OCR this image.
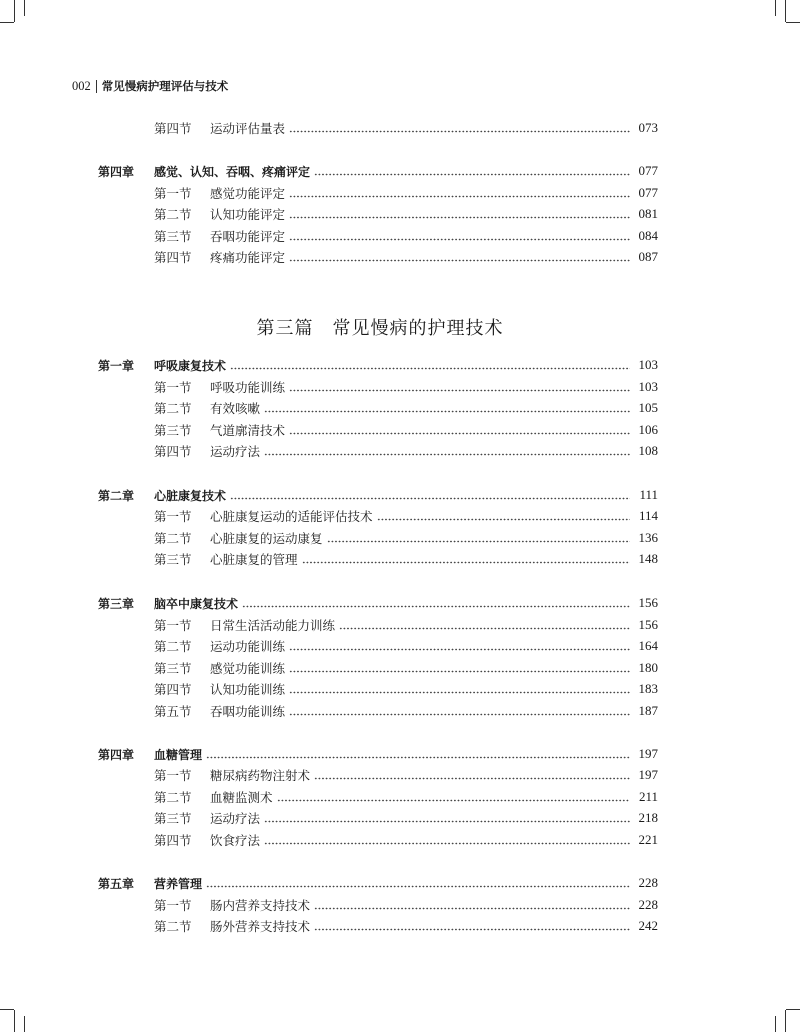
002 常见慢病护理评估与技术
第四节	运动评估量表	073
第四章	感觉、认知、吞咽、疼痛评定	077
第一节	感觉功能评定	077
第二节	认知功能评定	081
第三节	吞咽功能评定	084
第四节	疼痛功能评定	087
第三篇　常见慢病的护理技术
第一章	呼吸康复技术	103
第一节	呼吸功能训练	103
第二节	有效咳嗽	105
第三节	气道廓清技术	106
第四节	运动疗法	108
第二章	心脏康复技术	111
第一节	心脏康复运动的适能评估技术	114
第二节	心脏康复的运动康复	136
第三节	心脏康复的管理	148
第三章	脑卒中康复技术	156
第一节	日常生活活动能力训练	156
第二节	运动功能训练	164
第三节	感觉功能训练	180
第四节	认知功能训练	183
第五节	吞咽功能训练	187
第四章	血糖管理	197
第一节	糖尿病药物注射术	197
第二节	血糖监测术	211
第三节	运动疗法	218
第四节	饮食疗法	221
第五章	营养管理	228
第一节	肠内营养支持技术	228
第二节	肠外营养支持技术	242
